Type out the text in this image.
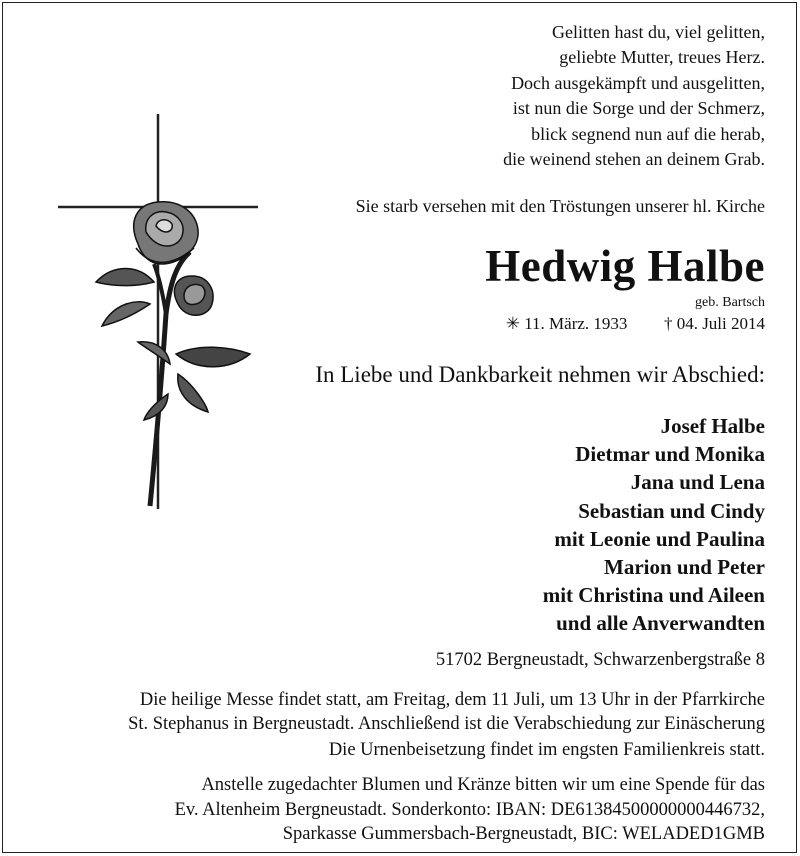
Gelitten hast du, viel gelitten,
geliebte Mutter, treues Herz.
Doch ausgekämpft und ausgelitten,
ist nun die Sorge und der Schmerz,
blick segnend nun auf die herab,
die weinend stehen an deinem Grab.
Sie starb versehen mit den Tröstungen unserer hl. Kirche
Hedwig Halbe
geb. Bartsch
✳ 11. März. 1933 † 04. Juli 2014
In Liebe und Dankbarkeit nehmen wir Abschied:
Josef Halbe
Dietmar und Monika
Jana und Lena
Sebastian und Cindy
mit Leonie und Paulina
Marion und Peter
mit Christina und Aileen
und alle Anverwandten
51702 Bergneustadt, Schwarzenbergstraße 8
Die heilige Messe findet statt, am Freitag, dem 11 Juli, um 13 Uhr in der Pfarrkirche
St. Stephanus in Bergneustadt. Anschließend ist die Verabschiedung zur Einäscherung
Die Urnenbeisetzung findet im engsten Familienkreis statt.
Anstelle zugedachter Blumen und Kränze bitten wir um eine Spende für das
Ev. Altenheim Bergneustadt. Sonderkonto: IBAN: DE61384500000000446732,
Sparkasse Gummersbach-Bergneustadt, BIC: WELADED1GMB
